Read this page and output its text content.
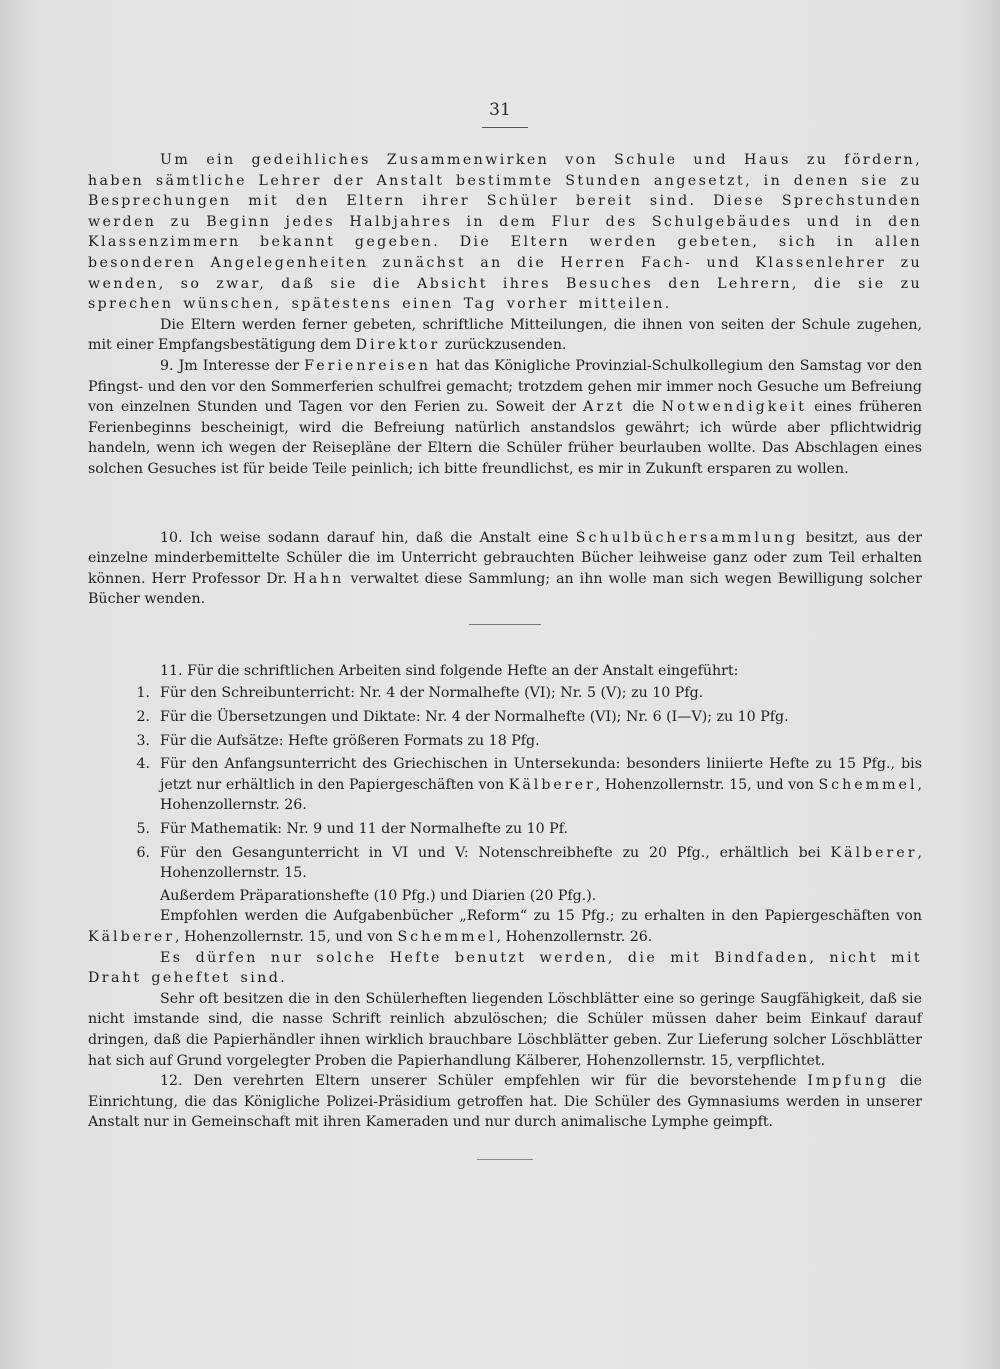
31

Um ein gedeihliches Zusammenwirken von Schule und Haus zu fördern, haben sämtliche Lehrer der Anstalt bestimmte Stunden angesetzt, in denen sie zu Besprechungen mit den Eltern ihrer Schüler bereit sind. Diese Sprechstunden werden zu Beginn jedes Halbjahres in dem Flur des Schulgebäudes und in den Klassenzimmern bekannt gegeben. Die Eltern werden gebeten, sich in allen besonderen Angelegenheiten zunächst an die Herren Fach- und Klassenlehrer zu wenden, so zwar, daß sie die Absicht ihres Besuches den Lehrern, die sie zu sprechen wünschen, spätestens einen Tag vorher mitteilen.

Die Eltern werden ferner gebeten, schriftliche Mitteilungen, die ihnen von seiten der Schule zugehen, mit einer Empfangsbestätigung dem Direktor zurückzusenden.

9. Jm Interesse der Ferienreisen hat das Königliche Provinzial-Schulkollegium den Samstag vor den Pfingst- und den vor den Sommerferien schulfrei gemacht; trotzdem gehen mir immer noch Gesuche um Befreiung von einzelnen Stunden und Tagen vor den Ferien zu. Soweit der Arzt die Notwendigkeit eines früheren Ferienbeginns bescheinigt, wird die Befreiung natürlich anstandslos gewährt; ich würde aber pflichtwidrig handeln, wenn ich wegen der Reisepläne der Eltern die Schüler früher beurlauben wollte. Das Abschlagen eines solchen Gesuches ist für beide Teile peinlich; ich bitte freundlichst, es mir in Zukunft ersparen zu wollen.

10. Ich weise sodann darauf hin, daß die Anstalt eine Schulbüchersammlung besitzt, aus der einzelne minderbemittelte Schüler die im Unterricht gebrauchten Bücher leihweise ganz oder zum Teil erhalten können. Herr Professor Dr. Hahn verwaltet diese Sammlung; an ihn wolle man sich wegen Bewilligung solcher Bücher wenden.

11. Für die schriftlichen Arbeiten sind folgende Hefte an der Anstalt eingeführt:

1. Für den Schreibunterricht: Nr. 4 der Normalhefte (VI); Nr. 5 (V); zu 10 Pfg.
2. Für die Übersetzungen und Diktate: Nr. 4 der Normalhefte (VI); Nr. 6 (I—V); zu 10 Pfg.
3. Für die Aufsätze: Hefte größeren Formats zu 18 Pfg.
4. Für den Anfangsunterricht des Griechischen in Untersekunda: besonders liniierte Hefte zu 15 Pfg., bis jetzt nur erhältlich in den Papiergeschäften von Kälberer, Hohenzollernstr. 15, und von Schemmel, Hohenzollernstr. 26.
5. Für Mathematik: Nr. 9 und 11 der Normalhefte zu 10 Pf.
6. Für den Gesangunterricht in VI und V: Notenschreibhefte zu 20 Pfg., erhältlich bei Kälberer, Hohenzollernstr. 15.

Außerdem Präparationshefte (10 Pfg.) und Diarien (20 Pfg.).

Empfohlen werden die Aufgabenbücher „Reform“ zu 15 Pfg.; zu erhalten in den Papiergeschäften von Kälberer, Hohenzollernstr. 15, und von Schemmel, Hohenzollernstr. 26.

Es dürfen nur solche Hefte benutzt werden, die mit Bindfaden, nicht mit Draht geheftet sind.

Sehr oft besitzen die in den Schülerheften liegenden Löschblätter eine so geringe Saugfähigkeit, daß sie nicht imstande sind, die nasse Schrift reinlich abzulöschen; die Schüler müssen daher beim Einkauf darauf dringen, daß die Papierhändler ihnen wirklich brauchbare Löschblätter geben. Zur Lieferung solcher Löschblätter hat sich auf Grund vorgelegter Proben die Papierhandlung Kälberer, Hohenzollernstr. 15, verpflichtet.

12. Den verehrten Eltern unserer Schüler empfehlen wir für die bevorstehende Impfung die Einrichtung, die das Königliche Polizei-Präsidium getroffen hat. Die Schüler des Gymnasiums werden in unserer Anstalt nur in Gemeinschaft mit ihren Kameraden und nur durch animalische Lymphe geimpft.
